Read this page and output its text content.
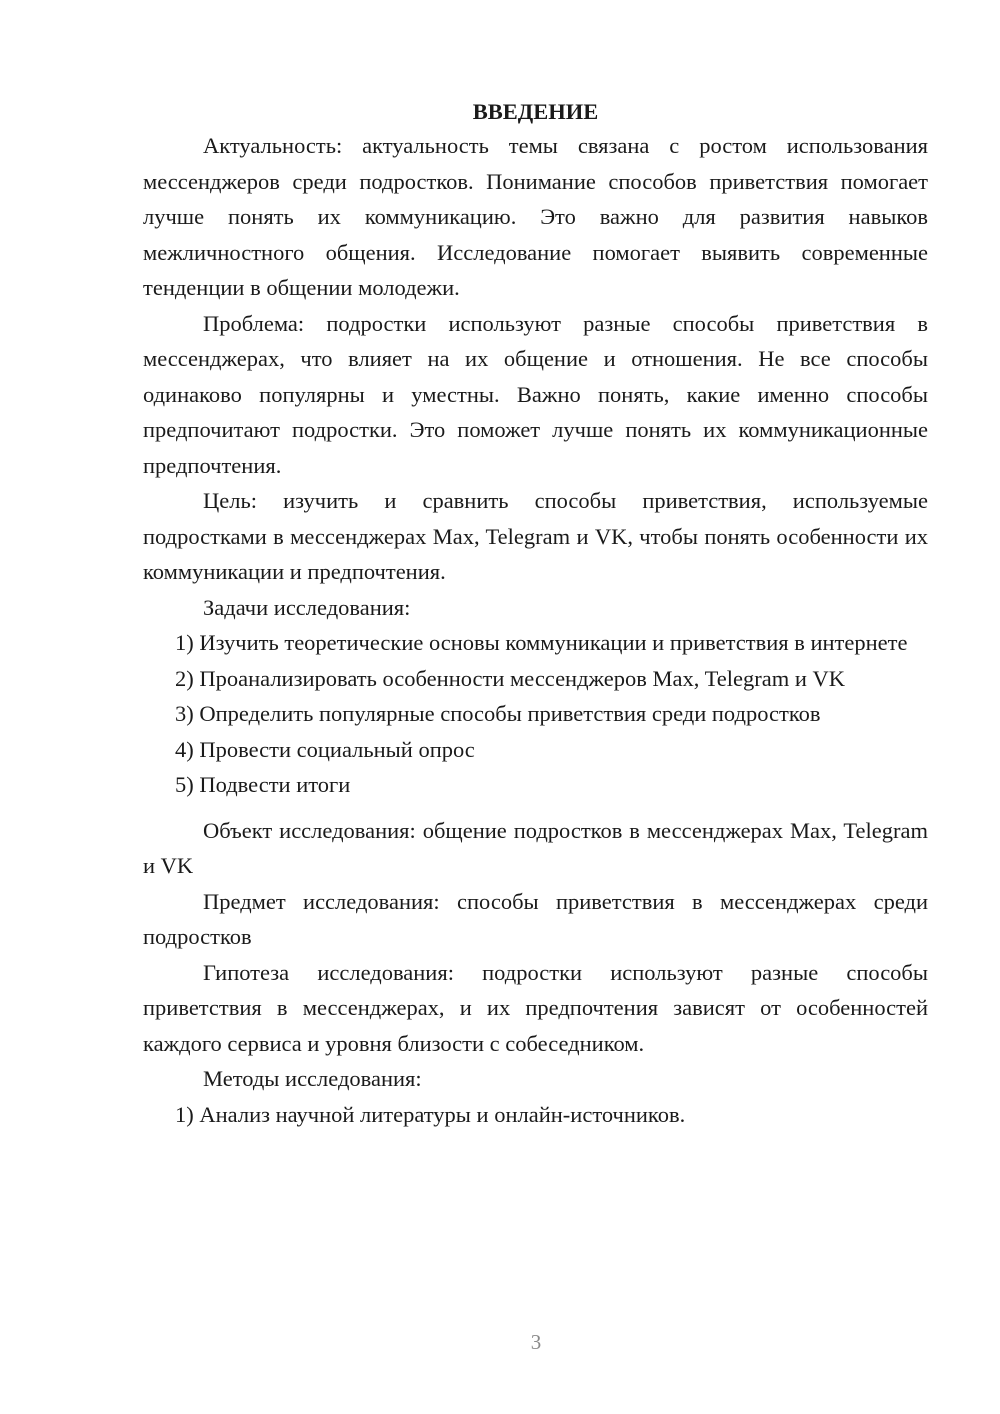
ВВЕДЕНИЕ

Актуальность: актуальность темы связана с ростом использования мессенджеров среди подростков. Понимание способов приветствия помогает лучше понять их коммуникацию. Это важно для развития навыков межличностного общения. Исследование помогает выявить современные тенденции в общении молодежи.

Проблема: подростки используют разные способы приветствия в мессенджерах, что влияет на их общение и отношения. Не все способы одинаково популярны и уместны. Важно понять, какие именно способы предпочитают подростки. Это поможет лучше понять их коммуникационные предпочтения.

Цель: изучить и сравнить способы приветствия, используемые подростками в мессенджерах Max, Telegram и VK, чтобы понять особенности их коммуникации и предпочтения.

Задачи исследования:

1) Изучить теоретические основы коммуникации и приветствия в интернете

2) Проанализировать особенности мессенджеров Max, Telegram и VK

3) Определить популярные способы приветствия среди подростков

4) Провести социальный опрос

5) Подвести итоги

Объект исследования: общение подростков в мессенджерах Max, Telegram и VK

Предмет исследования: способы приветствия в мессенджерах среди подростков

Гипотеза исследования: подростки используют разные способы приветствия в мессенджерах, и их предпочтения зависят от особенностей каждого сервиса и уровня близости с собеседником.

Методы исследования:

1) Анализ научной литературы и онлайн-источников.

3
